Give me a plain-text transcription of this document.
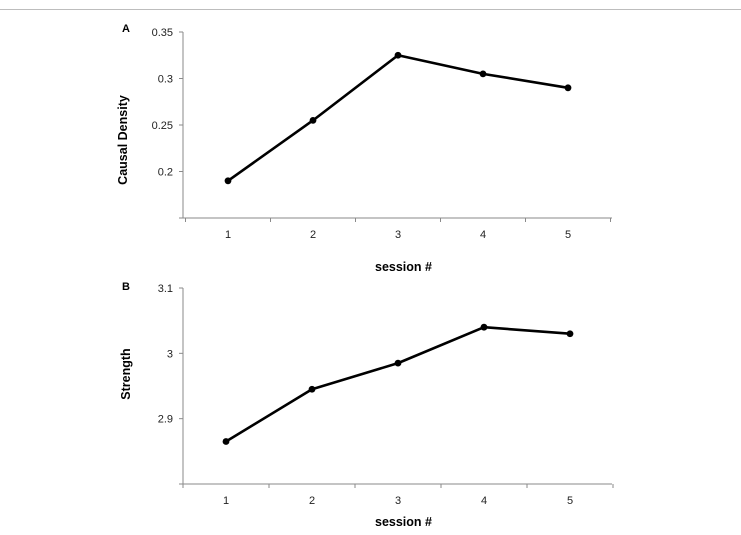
A
0.2
0.25
0.3
0.35
1	2	3	4	5
session #
Causal Density
B
2.9
3
3.1
1	2	3	4	5
session #
Strength
